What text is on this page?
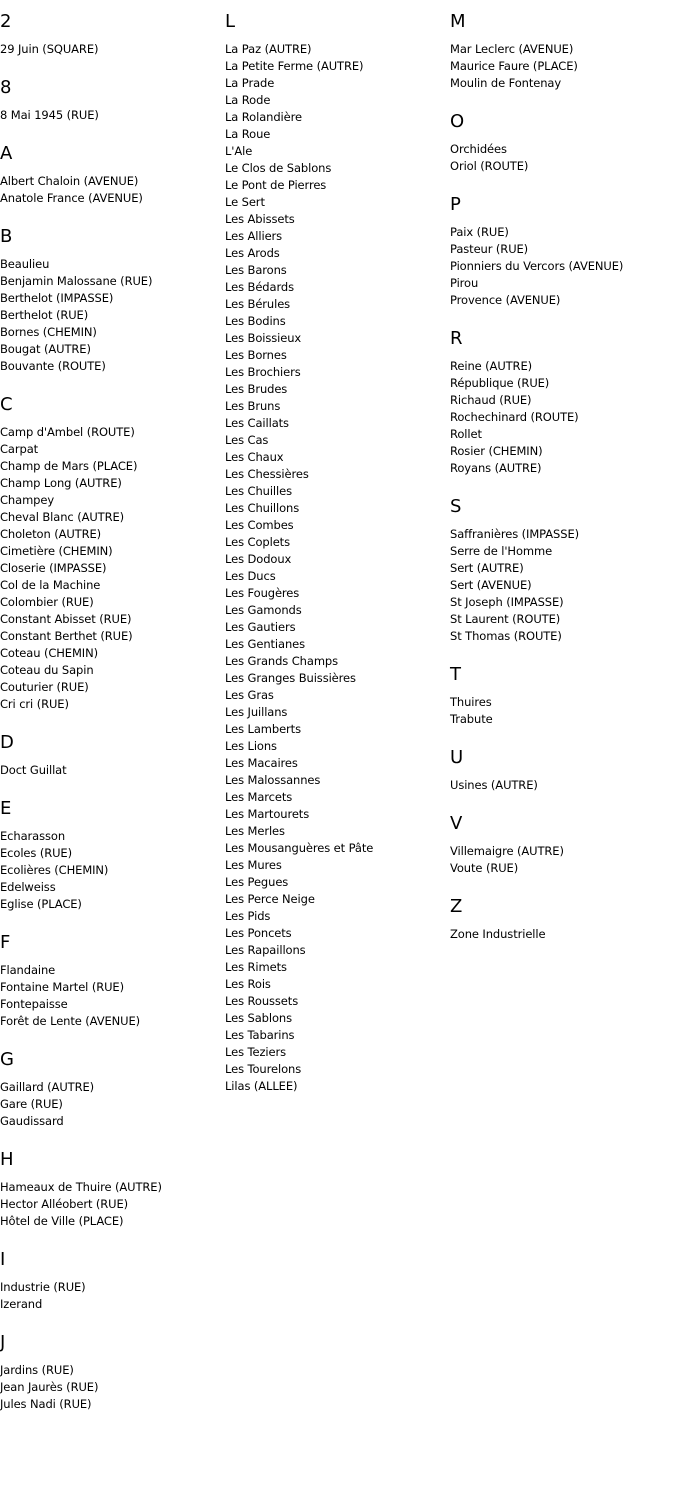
2
29 Juin (SQUARE)
8
8 Mai 1945 (RUE)
A
Albert Chaloin (AVENUE)
Anatole France (AVENUE)
B
Beaulieu
Benjamin Malossane (RUE)
Berthelot (IMPASSE)
Berthelot (RUE)
Bornes (CHEMIN)
Bougat (AUTRE)
Bouvante (ROUTE)
C
Camp d'Ambel (ROUTE)
Carpat
Champ de Mars (PLACE)
Champ Long (AUTRE)
Champey
Cheval Blanc (AUTRE)
Choleton (AUTRE)
Cimetière (CHEMIN)
Closerie (IMPASSE)
Col de la Machine
Colombier (RUE)
Constant Abisset (RUE)
Constant Berthet (RUE)
Coteau (CHEMIN)
Coteau du Sapin
Couturier (RUE)
Cri cri (RUE)
D
Doct Guillat
E
Echarasson
Ecoles (RUE)
Ecolières (CHEMIN)
Edelweiss
Eglise (PLACE)
F
Flandaine
Fontaine Martel (RUE)
Fontepaisse
Forêt de Lente (AVENUE)
G
Gaillard (AUTRE)
Gare (RUE)
Gaudissard
H
Hameaux de Thuire (AUTRE)
Hector Alléobert (RUE)
Hôtel de Ville (PLACE)
I
Industrie (RUE)
Izerand
J
Jardins (RUE)
Jean Jaurès (RUE)
Jules Nadi (RUE)
L
La Paz (AUTRE)
La Petite Ferme (AUTRE)
La Prade
La Rode
La Rolandière
La Roue
L'Ale
Le Clos de Sablons
Le Pont de Pierres
Le Sert
Les Abissets
Les Alliers
Les Arods
Les Barons
Les Bédards
Les Bérules
Les Bodins
Les Boissieux
Les Bornes
Les Brochiers
Les Brudes
Les Bruns
Les Caillats
Les Cas
Les Chaux
Les Chessières
Les Chuilles
Les Chuillons
Les Combes
Les Coplets
Les Dodoux
Les Ducs
Les Fougères
Les Gamonds
Les Gautiers
Les Gentianes
Les Grands Champs
Les Granges Buissières
Les Gras
Les Juillans
Les Lamberts
Les Lions
Les Macaires
Les Malossannes
Les Marcets
Les Martourets
Les Merles
Les Mousanguères et Pâte
Les Mures
Les Pegues
Les Perce Neige
Les Pids
Les Poncets
Les Rapaillons
Les Rimets
Les Rois
Les Roussets
Les Sablons
Les Tabarins
Les Teziers
Les Tourelons
Lilas (ALLEE)
M
Mar Leclerc (AVENUE)
Maurice Faure (PLACE)
Moulin de Fontenay
O
Orchidées
Oriol (ROUTE)
P
Paix (RUE)
Pasteur (RUE)
Pionniers du Vercors (AVENUE)
Pirou
Provence (AVENUE)
R
Reine (AUTRE)
République (RUE)
Richaud (RUE)
Rochechinard (ROUTE)
Rollet
Rosier (CHEMIN)
Royans (AUTRE)
S
Saffranières (IMPASSE)
Serre de l'Homme
Sert (AUTRE)
Sert (AVENUE)
St Joseph (IMPASSE)
St Laurent (ROUTE)
St Thomas (ROUTE)
T
Thuires
Trabute
U
Usines (AUTRE)
V
Villemaigre (AUTRE)
Voute (RUE)
Z
Zone Industrielle
